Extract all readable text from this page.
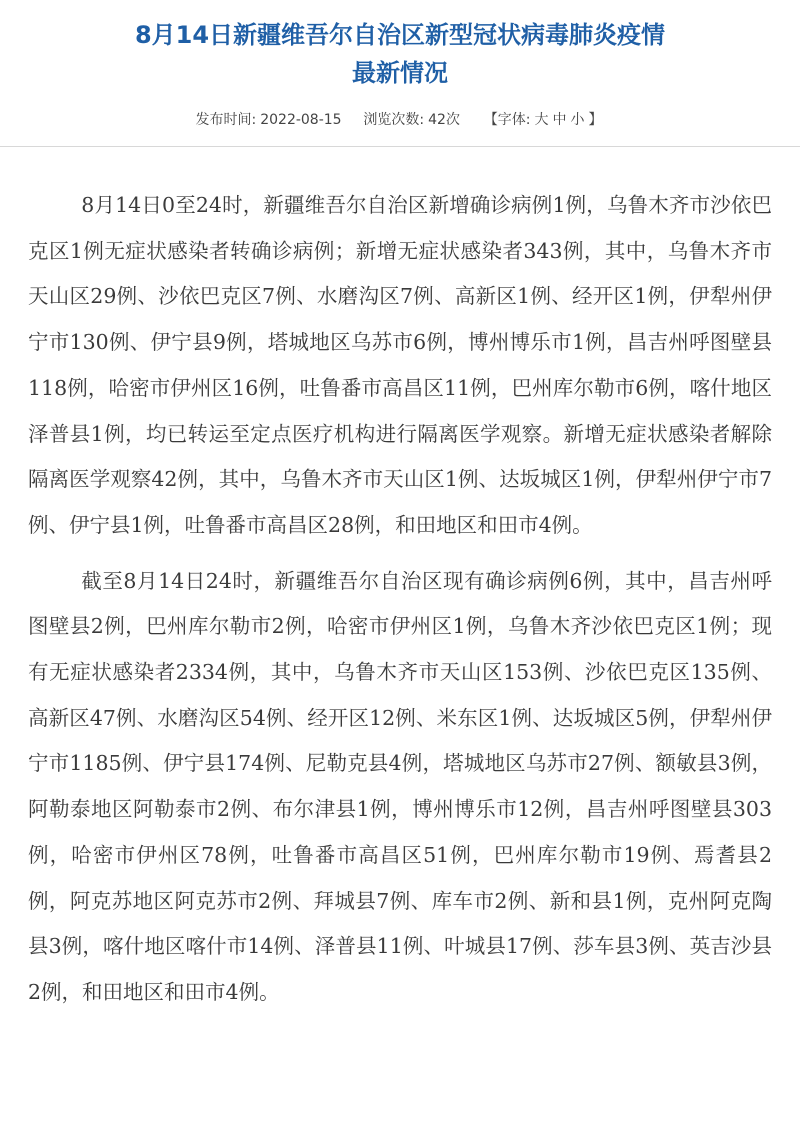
8月14日新疆维吾尔自治区新型冠状病毒肺炎疫情
最新情况
发布时间: 2022-08-15 浏览次数: 42次 【字体: 大 中 小 】

8月14日0至24时，新疆维吾尔自治区新增确诊病例1例，乌鲁木齐市沙依巴克区1例无症状感染者转确诊病例；新增无症状感染者343例，其中，乌鲁木齐市天山区29例、沙依巴克区7例、水磨沟区7例、高新区1例、经开区1例，伊犁州伊宁市130例、伊宁县9例，塔城地区乌苏市6例，博州博乐市1例，昌吉州呼图壁县118例，哈密市伊州区16例，吐鲁番市高昌区11例，巴州库尔勒市6例，喀什地区泽普县1例，均已转运至定点医疗机构进行隔离医学观察。新增无症状感染者解除隔离医学观察42例，其中，乌鲁木齐市天山区1例、达坂城区1例，伊犁州伊宁市7例、伊宁县1例，吐鲁番市高昌区28例，和田地区和田市4例。

截至8月14日24时，新疆维吾尔自治区现有确诊病例6例，其中，昌吉州呼图壁县2例，巴州库尔勒市2例，哈密市伊州区1例，乌鲁木齐沙依巴克区1例；现有无症状感染者2334例，其中，乌鲁木齐市天山区153例、沙依巴克区135例、高新区47例、水磨沟区54例、经开区12例、米东区1例、达坂城区5例，伊犁州伊宁市1185例、伊宁县174例、尼勒克县4例，塔城地区乌苏市27例、额敏县3例，阿勒泰地区阿勒泰市2例、布尔津县1例，博州博乐市12例，昌吉州呼图壁县303例，哈密市伊州区78例，吐鲁番市高昌区51例，巴州库尔勒市19例、焉耆县2例，阿克苏地区阿克苏市2例、拜城县7例、库车市2例、新和县1例，克州阿克陶县3例，喀什地区喀什市14例、泽普县11例、叶城县17例、莎车县3例、英吉沙县2例，和田地区和田市4例。
